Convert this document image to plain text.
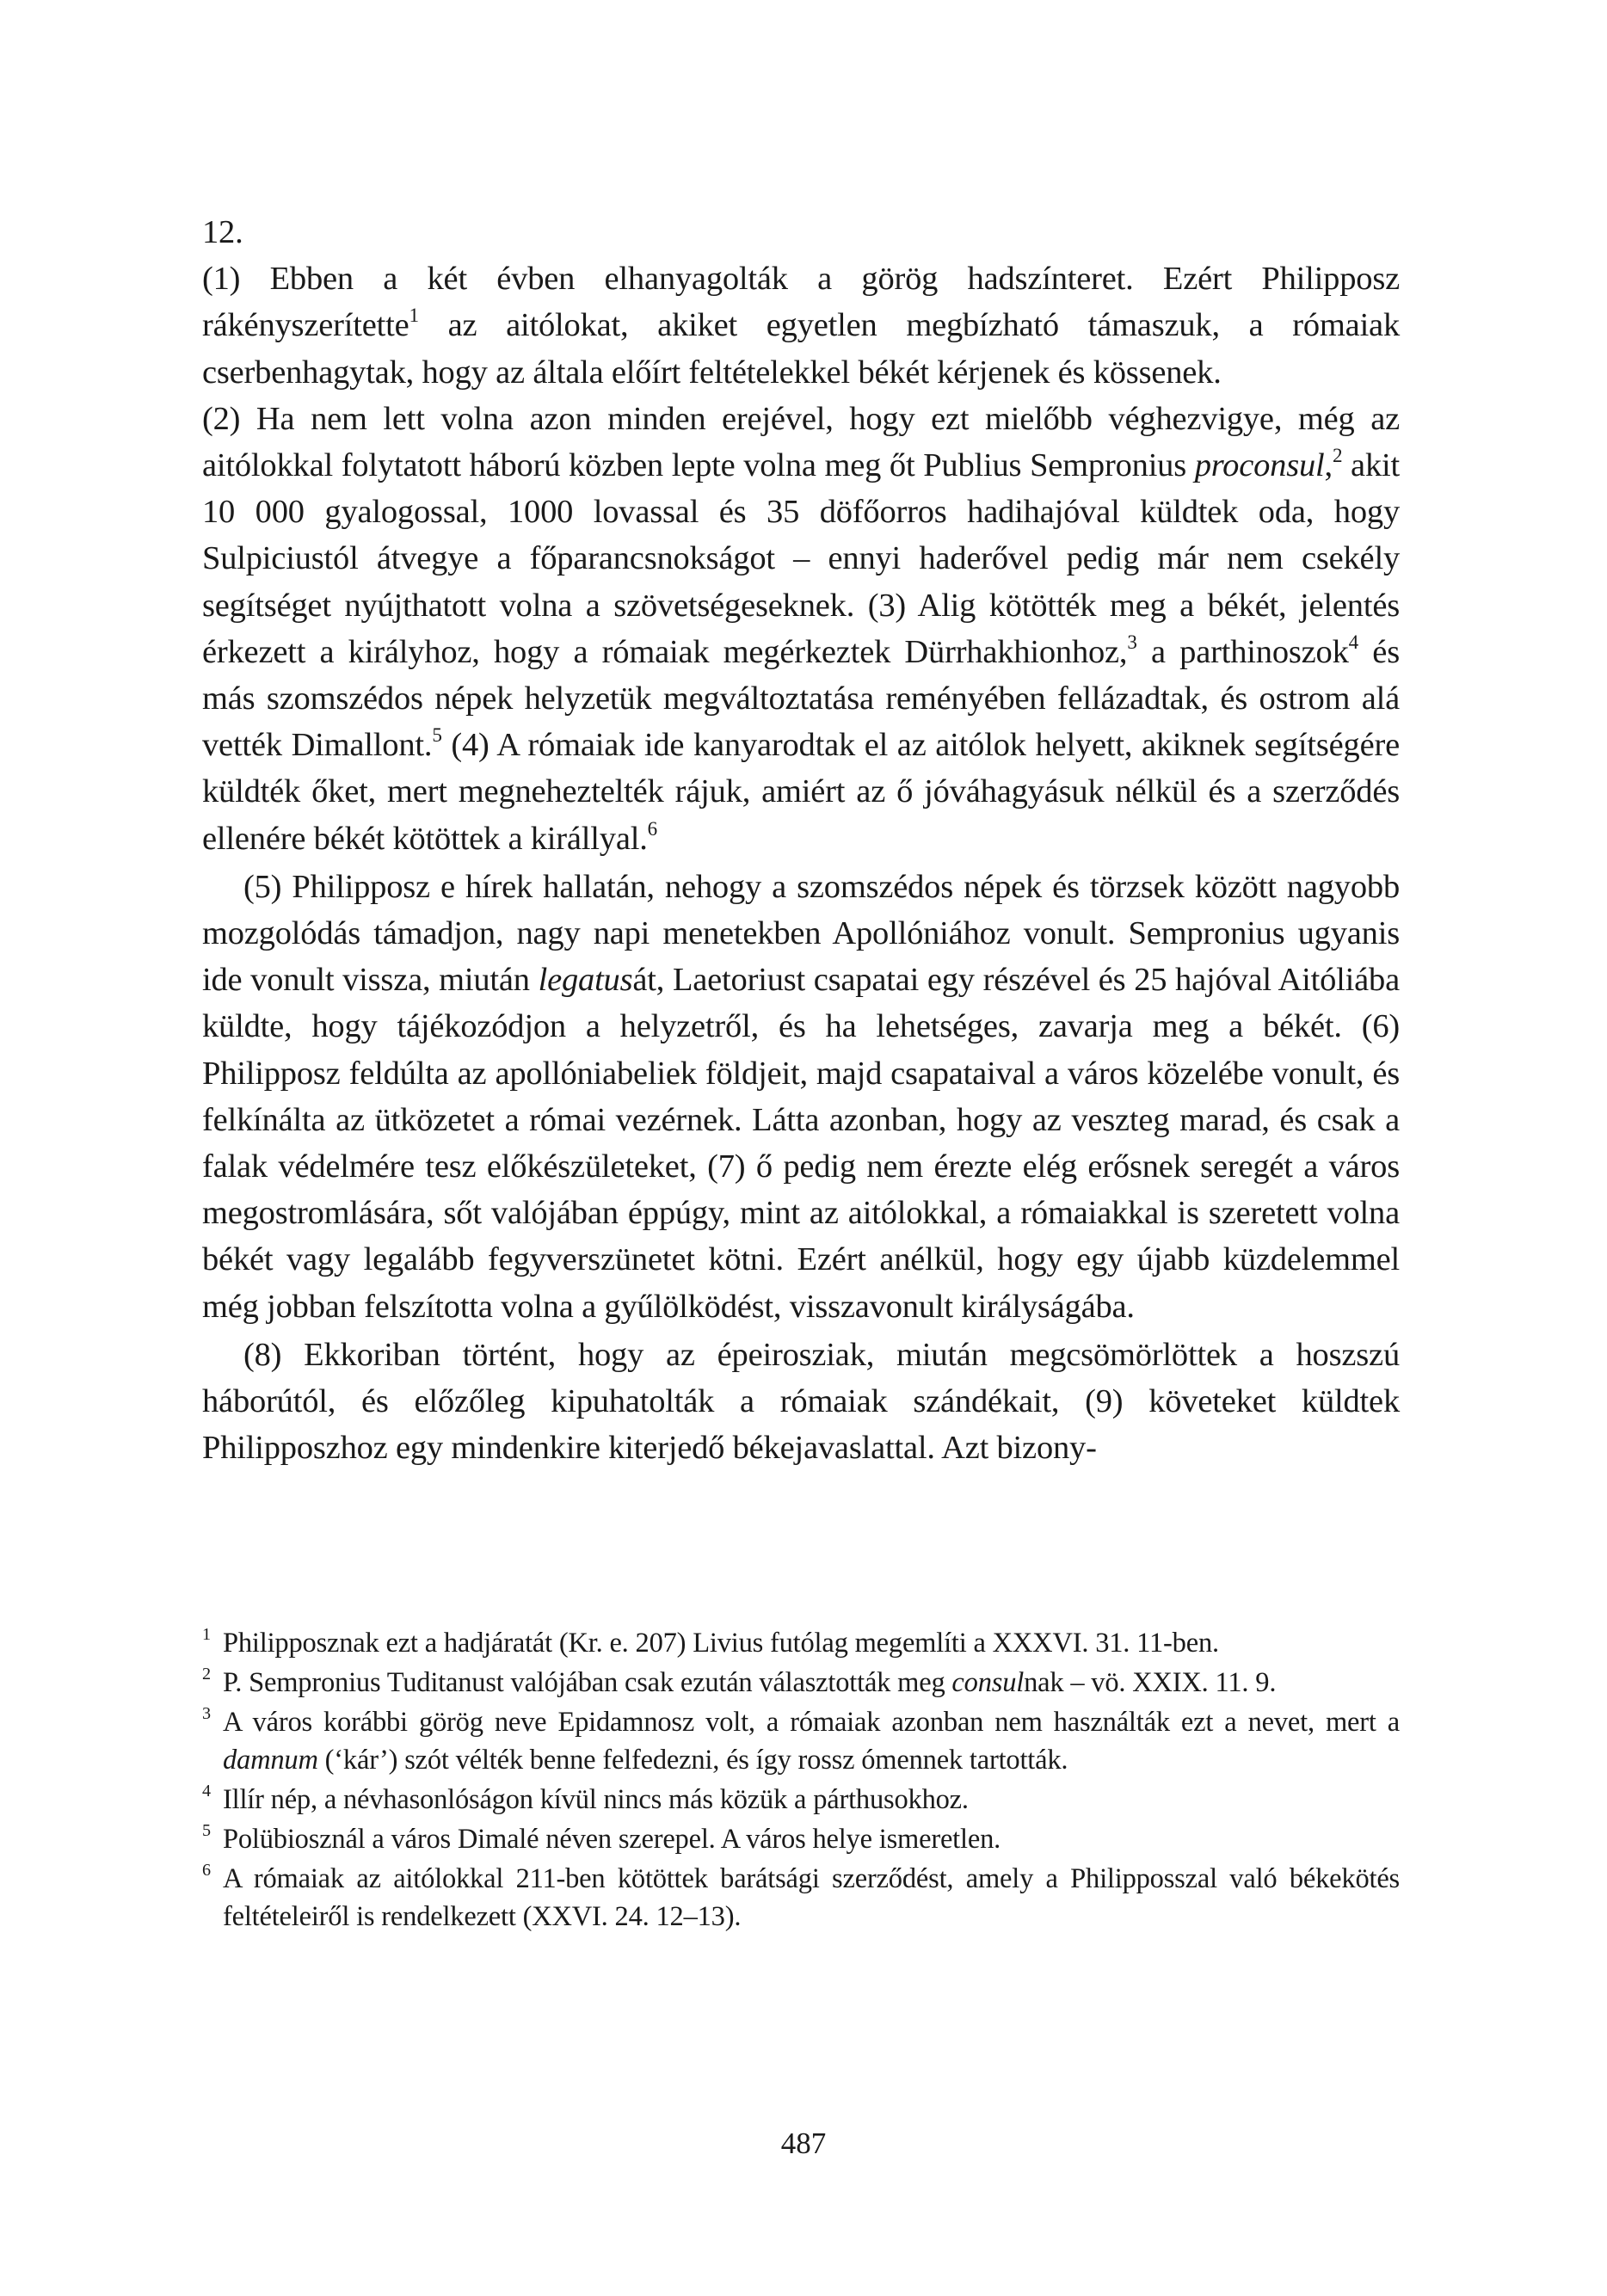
12.

(1) Ebben a két évben elhanyagolták a görög hadszínteret. Ezért Philipposz rákényszerítette$^1$ az aitólokat, akiket egyetlen megbízható támaszuk, a rómaiak cserbenhagytak, hogy az általa előírt feltételekkel békét kérjenek és kössenek.

(2) Ha nem lett volna azon minden erejével, hogy ezt mielőbb véghezvigye, még az aitólokkal folytatott háború közben lepte volna meg őt Publius Sempronius proconsul,$^2$ akit 10 000 gyalogossal, 1000 lovassal és 35 döfőorros hadihajóval küldtek oda, hogy Sulpiciustól átvegye a főparancsnokságot – ennyi haderővel pedig már nem csekély segítséget nyújthatott volna a szövetségeseknek. (3) Alig kötötték meg a békét, jelentés érkezett a királyhoz, hogy a rómaiak megérkeztek Dürrhakhionhoz,$^3$ a parthinoszok$^4$ és más szomszédos népek helyzetük megváltoztatása reményében fellázadtak, és ostrom alá vették Dimallont.$^5$ (4) A rómaiak ide kanyarodtak el az aitólok helyett, akiknek segítségére küldték őket, mert megneheztelték rájuk, amiért az ő jóváhagyásuk nélkül és a szerződés ellenére békét kötöttek a királlyal.$^6$

(5) Philipposz e hírek hallatán, nehogy a szomszédos népek és törzsek között nagyobb mozgolódás támadjon, nagy napi menetekben Apollóniához vonult. Sempronius ugyanis ide vonult vissza, miután legatusát, Laetoriust csapatai egy részével és 25 hajóval Aitóliába küldte, hogy tájékozódjon a helyzetről, és ha lehetséges, zavarja meg a békét. (6) Philipposz feldúlta az apollóniabeliek földjeit, majd csapataival a város közelébe vonult, és felkínálta az ütközetet a római vezérnek. Látta azonban, hogy az veszteg marad, és csak a falak védelmére tesz előkészületeket, (7) ő pedig nem érezte elég erősnek seregét a város megostromlására, sőt valójában éppúgy, mint az aitólokkal, a rómaiakkal is szeretett volna békét vagy legalább fegyverszünetet kötni. Ezért anélkül, hogy egy újabb küzdelemmel még jobban felszította volna a gyűlölködést, visszavonult királyságába.

(8) Ekkoriban történt, hogy az épeirosziak, miután megcsömörlöttek a hoszszú háborútól, és előzőleg kipuhatolták a rómaiak szándékait, (9) követeket küldtek Philipposzhoz egy mindenkire kiterjedő békejavaslattal. Azt bizony-

1 Philipposznak ezt a hadjáratát (Kr. e. 207) Livius futólag megemlíti a XXXVI. 31. 11-ben.
2 P. Sempronius Tuditanust valójában csak ezután választották meg consulnak – vö. XXIX. 11. 9.
3 A város korábbi görög neve Epidamnosz volt, a rómaiak azonban nem használták ezt a nevet, mert a damnum (‘kár’) szót vélték benne felfedezni, és így rossz ómennek tartották.
4 Illír nép, a névhasonlóságon kívül nincs más közük a párthusokhoz.
5 Polübiosznál a város Dimalé néven szerepel. A város helye ismeretlen.
6 A rómaiak az aitólokkal 211-ben kötöttek barátsági szerződést, amely a Philipposszal való békekötés feltételeiről is rendelkezett (XXVI. 24. 12–13).
487
